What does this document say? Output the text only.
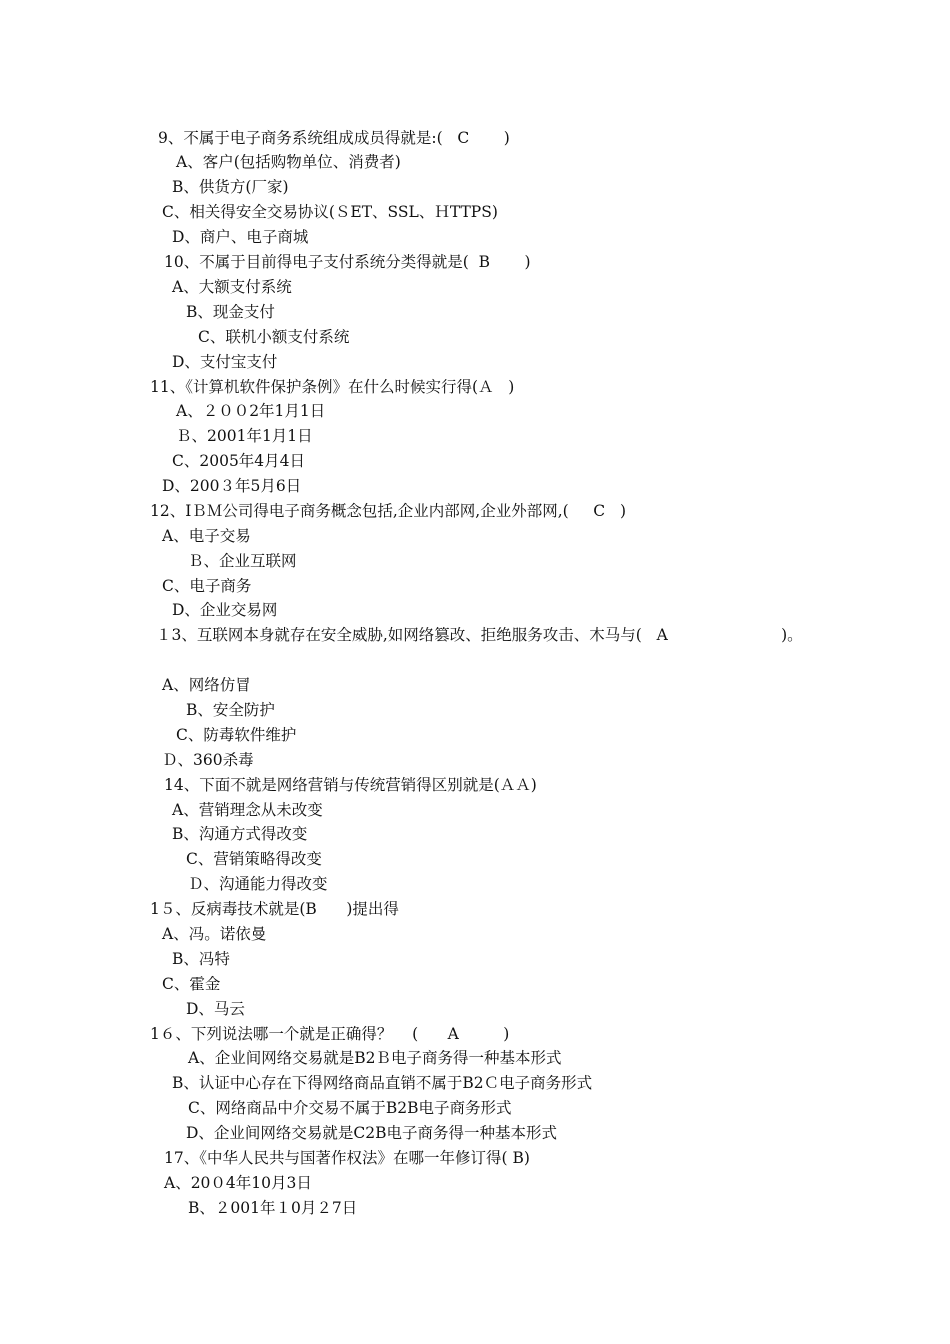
9、不属于电子商务系统组成成员得就是:(   C       )
A、客户(包括购物单位、消费者)
B、供货方(厂家)
C、相关得安全交易协议(ＳET、SSL、ＨTTPS)
D、商户、电子商城
10、不属于目前得电子支付系统分类得就是(  B       )
A、大额支付系统
B、现金支付
C、联机小额支付系统
D、支付宝支付
11、《计算机软件保护条例》在什么时候实行得(Ａ   )
A、２００2年1月1日
Ｂ、2001年1月1日
C、2005年4月4日
D、200３年5月6日
12、IＢＭ公司得电子商务概念包括,企业内部网,企业外部网,(     C   )
A、电子交易
Ｂ、企业互联网
C、电子商务
D、企业交易网
１3、互联网本身就存在安全威胁,如网络篡改、拒绝服务攻击、木马与(   A                       )。
A、网络仿冒
B、安全防护
C、防毒软件维护
Ｄ、360杀毒
14、下面不就是网络营销与传统营销得区别就是(ＡＡ)
A、营销理念从未改变
B、沟通方式得改变
C、营销策略得改变
Ｄ、沟通能力得改变
1５、反病毒技术就是(B      )提出得
A、冯。诺依曼
B、冯特
C、霍金
D、马云
1６、下列说法哪一个就是正确得？    (      A         )
A、企业间网络交易就是B2Ｂ电子商务得一种基本形式
B、认证中心存在下得网络商品直销不属于B2Ｃ电子商务形式
C、网络商品中介交易不属于B2B电子商务形式
D、企业间网络交易就是C2B电子商务得一种基本形式
17、《中华人民共与国著作权法》在哪一年修订得( B)
A、20０4年10月3日
B、２001年１0月２7日
